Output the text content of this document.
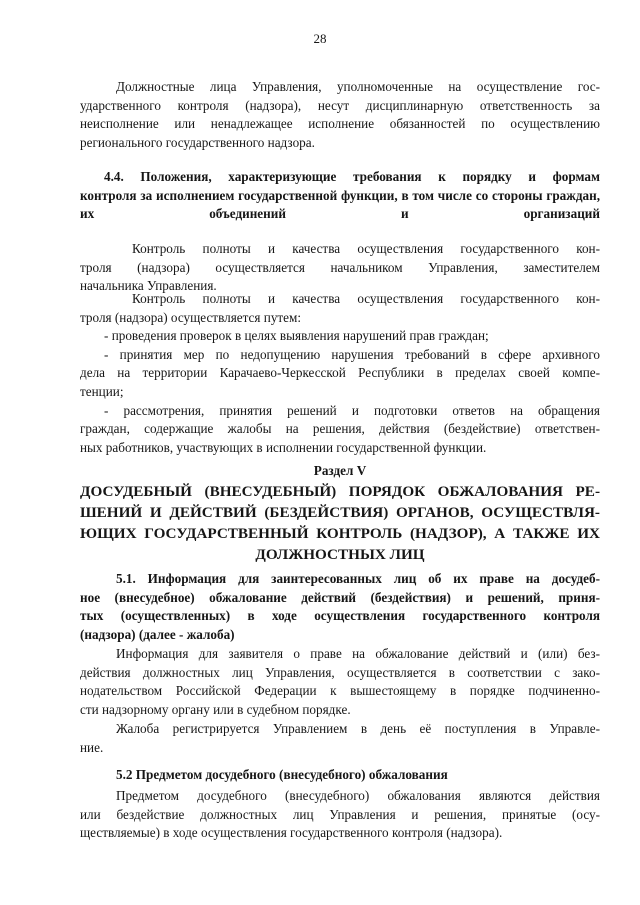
28
Должностные лица Управления, уполномоченные на осуществление гос-
ударственного контроля (надзора), несут дисциплинарную ответственность за
неисполнение или ненадлежащее исполнение обязанностей по осуществлению
регионального государственного надзора.
4.4. Положения, характеризующие требования к порядку и формам
контроля за исполнением государственной функции, в том числе со стороны граждан, их объединений и организаций
Контроль полноты и качества осуществления государственного кон-
троля (надзора) осуществляется начальником Управления, заместителем
начальника Управления.
Контроль полноты и качества осуществления государственного кон-
троля (надзора) осуществляется путем:
- проведения проверок в целях выявления нарушений прав граждан;
- принятия мер по недопущению нарушения требований в сфере архивного
дела на территории Карачаево-Черкесской Республики в пределах своей компе-
тенции;
- рассмотрения, принятия решений и подготовки ответов на обращения
граждан, содержащие жалобы на решения, действия (бездействие) ответствен-
ных работников, участвующих в исполнении государственной функции.
Раздел V
ДОСУДЕБНЫЙ (ВНЕСУДЕБНЫЙ) ПОРЯДОК ОБЖАЛОВАНИЯ РЕ-
ШЕНИЙ И ДЕЙСТВИЙ (БЕЗДЕЙСТВИЯ) ОРГАНОВ, ОСУЩЕСТВЛЯ-
ЮЩИХ ГОСУДАРСТВЕННЫЙ КОНТРОЛЬ (НАДЗОР), А ТАКЖЕ ИХ
ДОЛЖНОСТНЫХ ЛИЦ
5.1. Информация для заинтересованных лиц об их праве на досудеб-
ное (внесудебное) обжалование действий (бездействия) и решений, приня-
тых (осуществленных) в ходе осуществления государственного контроля
(надзора) (далее - жалоба)
Информация для заявителя о праве на обжалование действий и (или) без-
действия должностных лиц Управления, осуществляется в соответствии с зако-
нодательством Российской Федерации к вышестоящему в порядке подчиненно-
сти надзорному органу или в судебном порядке.
Жалоба регистрируется Управлением в день её поступления в Управле-
ние.
5.2 Предметом досудебного (внесудебного) обжалования
Предметом досудебного (внесудебного) обжалования являются действия
или бездействие должностных лиц Управления и решения, принятые (осу-
ществляемые) в ходе осуществления государственного контроля (надзора).
